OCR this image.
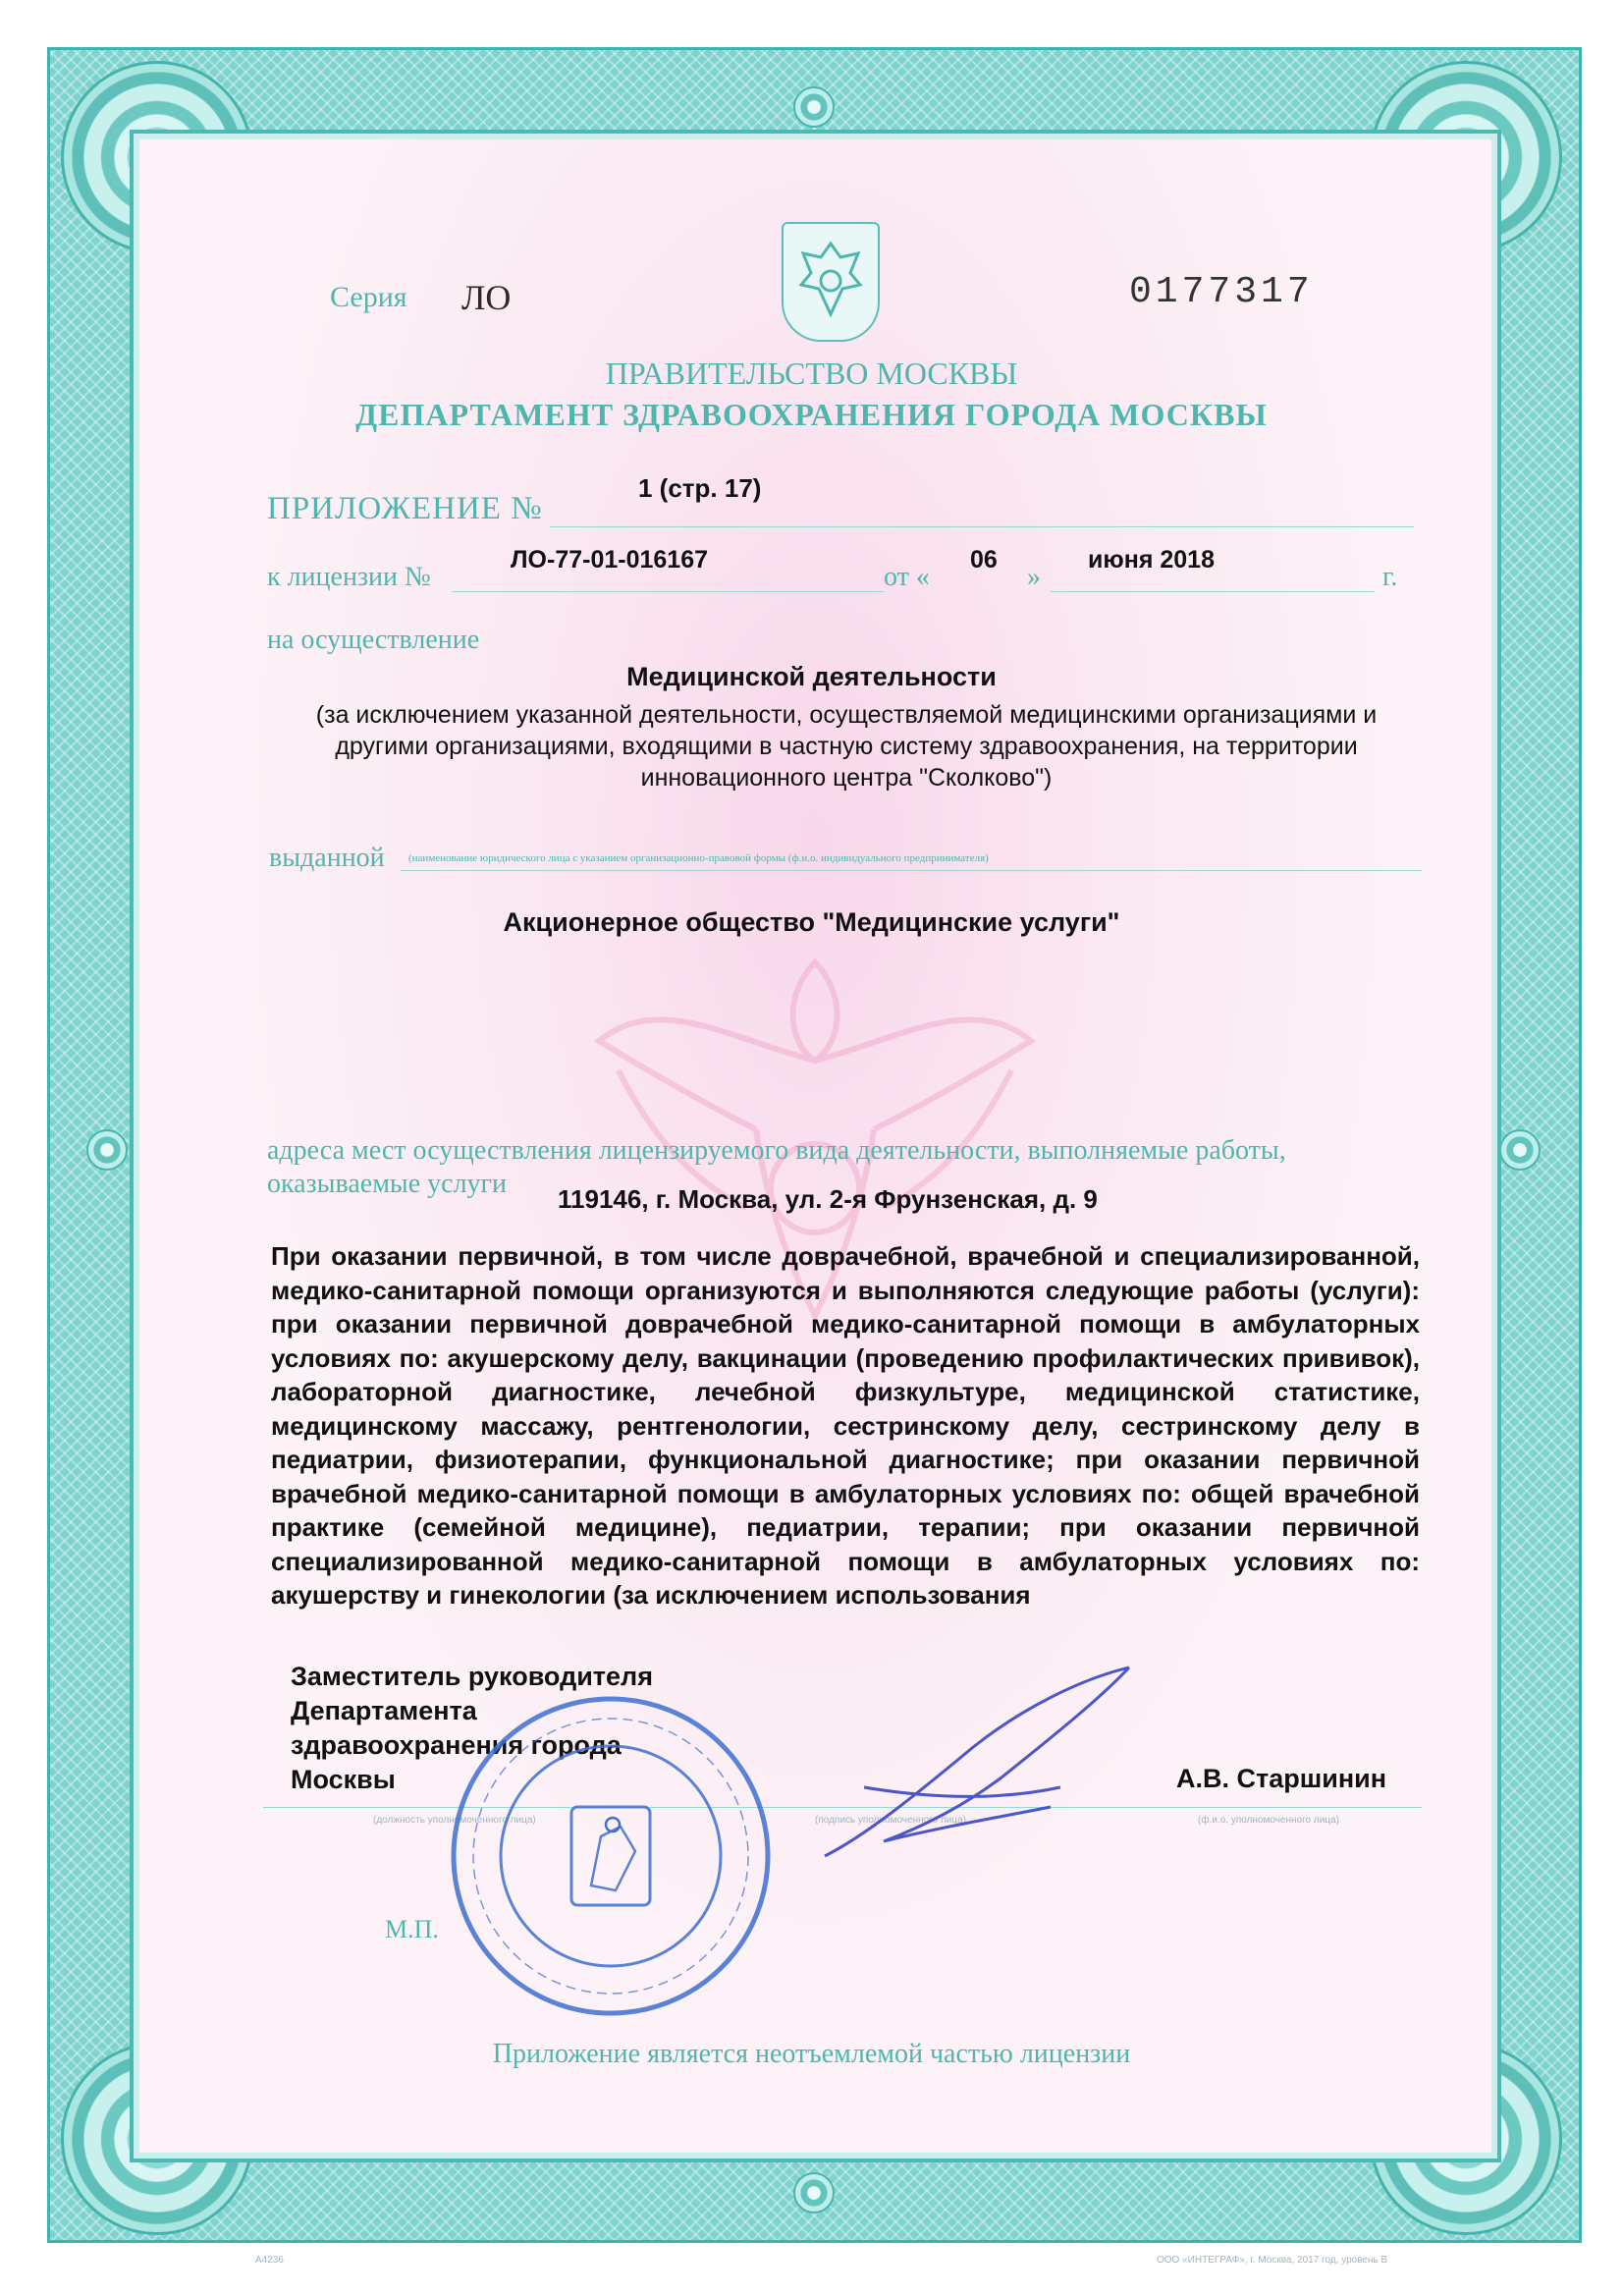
Серия ЛО	0177317
ПРАВИТЕЛЬСТВО МОСКВЫ
ДЕПАРТАМЕНТ ЗДРАВООХРАНЕНИЯ ГОРОДА МОСКВЫ
ПРИЛОЖЕНИЕ №
1 (стр. 17)
к лицензии №
ЛО-77-01-016167
от «
06
»
июня 2018
г.
на осуществление
Медицинской деятельности
(за исключением указанной деятельности, осуществляемой медицинскими организациями и другими организациями, входящими в частную систему здравоохранения, на территории инновационного центра "Сколково")
выданной (наименование юридического лица с указанием организационно-правовой формы (ф.и.о. индивидуального предпринимателя)
Акционерное общество "Медицинские услуги"
адреса мест осуществления лицензируемого вида деятельности, выполняемые работы,
оказываемые услуги 119146, г. Москва, ул. 2-я Фрунзенская, д. 9
При оказании первичной, в том числе доврачебной, врачебной и специализированной, медико-санитарной помощи организуются и выполняются следующие работы (услуги): при оказании первичной доврачебной медико-санитарной помощи в амбулаторных условиях по: акушерскому делу, вакцинации (проведению профилактических прививок), лабораторной диагностике, лечебной физкультуре, медицинской статистике, медицинскому массажу, рентгенологии, сестринскому делу, сестринскому делу в педиатрии, физиотерапии, функциональной диагностике; при оказании первичной врачебной медико-санитарной помощи в амбулаторных условиях по: общей врачебной практике (семейной медицине), педиатрии, терапии; при оказании первичной специализированной медико-санитарной помощи в амбулаторных условиях по: акушерству и гинекологии (за исключением использования
Заместитель руководителя
Департамента
здравоохранения города
Москвы	А.В. Старшинин
(должность уполномоченного лица)	(подпись уполномоченного лица)	(ф.и.о. уполномоченного лица)
М.П.
Приложение является неотъемлемой частью лицензии
A4236	ООО «ИНТЕГРАФ», г. Москва, 2017 год, уровень В
